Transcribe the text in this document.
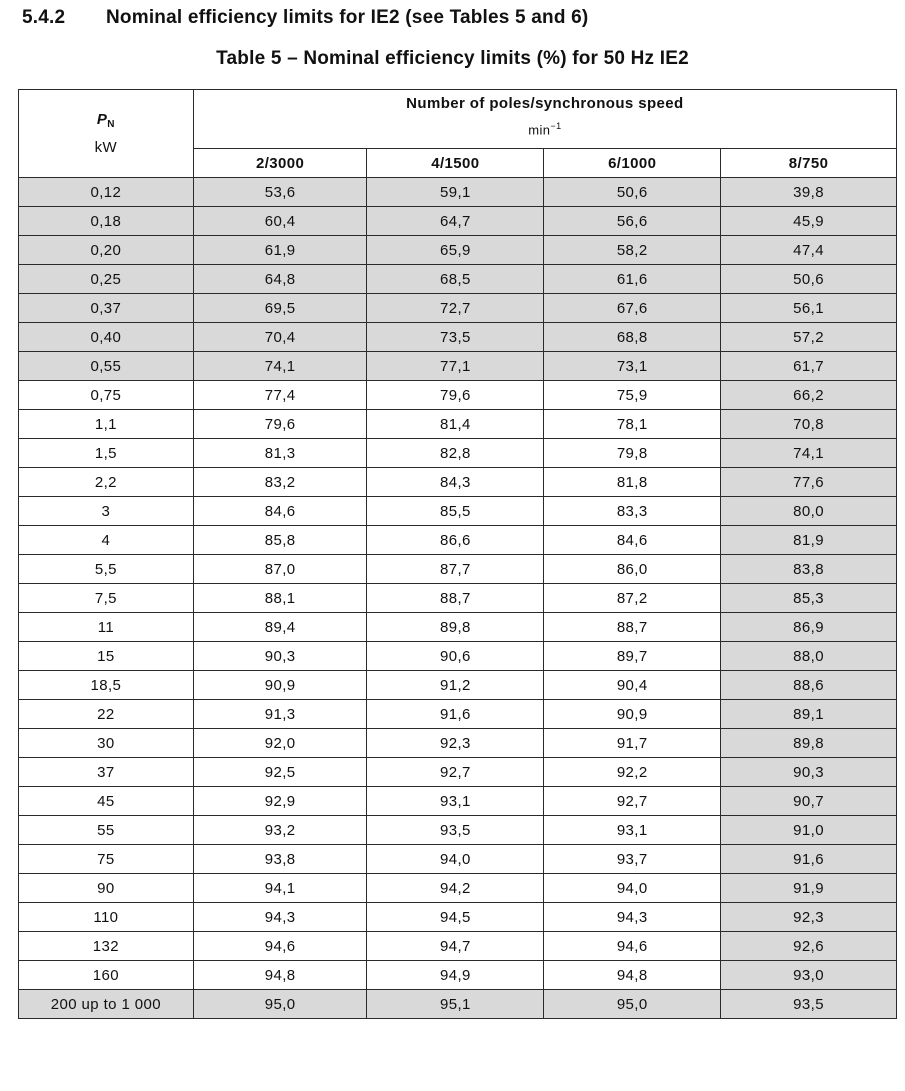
5.4.2 Nominal efficiency limits for IE2 (see Tables 5 and 6)
Table 5 – Nominal efficiency limits (%) for 50 Hz IE2
$P_N$
kW	Number of poles/synchronous speed
$\min^{-1}$

	2/3000	4/1500	6/1000	8/750
0,12	53,6	59,1	50,6	39,8
0,18	60,4	64,7	56,6	45,9
0,20	61,9	65,9	58,2	47,4
0,25	64,8	68,5	61,6	50,6
0,37	69,5	72,7	67,6	56,1
0,40	70,4	73,5	68,8	57,2
0,55	74,1	77,1	73,1	61,7
0,75	77,4	79,6	75,9	66,2
1,1	79,6	81,4	78,1	70,8
1,5	81,3	82,8	79,8	74,1
2,2	83,2	84,3	81,8	77,6
3	84,6	85,5	83,3	80,0
4	85,8	86,6	84,6	81,9
5,5	87,0	87,7	86,0	83,8
7,5	88,1	88,7	87,2	85,3
11	89,4	89,8	88,7	86,9
15	90,3	90,6	89,7	88,0
18,5	90,9	91,2	90,4	88,6
22	91,3	91,6	90,9	89,1
30	92,0	92,3	91,7	89,8
37	92,5	92,7	92,2	90,3
45	92,9	93,1	92,7	90,7
55	93,2	93,5	93,1	91,0
75	93,8	94,0	93,7	91,6
90	94,1	94,2	94,0	91,9
110	94,3	94,5	94,3	92,3
132	94,6	94,7	94,6	92,6
160	94,8	94,9	94,8	93,0
200 up to 1 000	95,0	95,1	95,0	93,5
